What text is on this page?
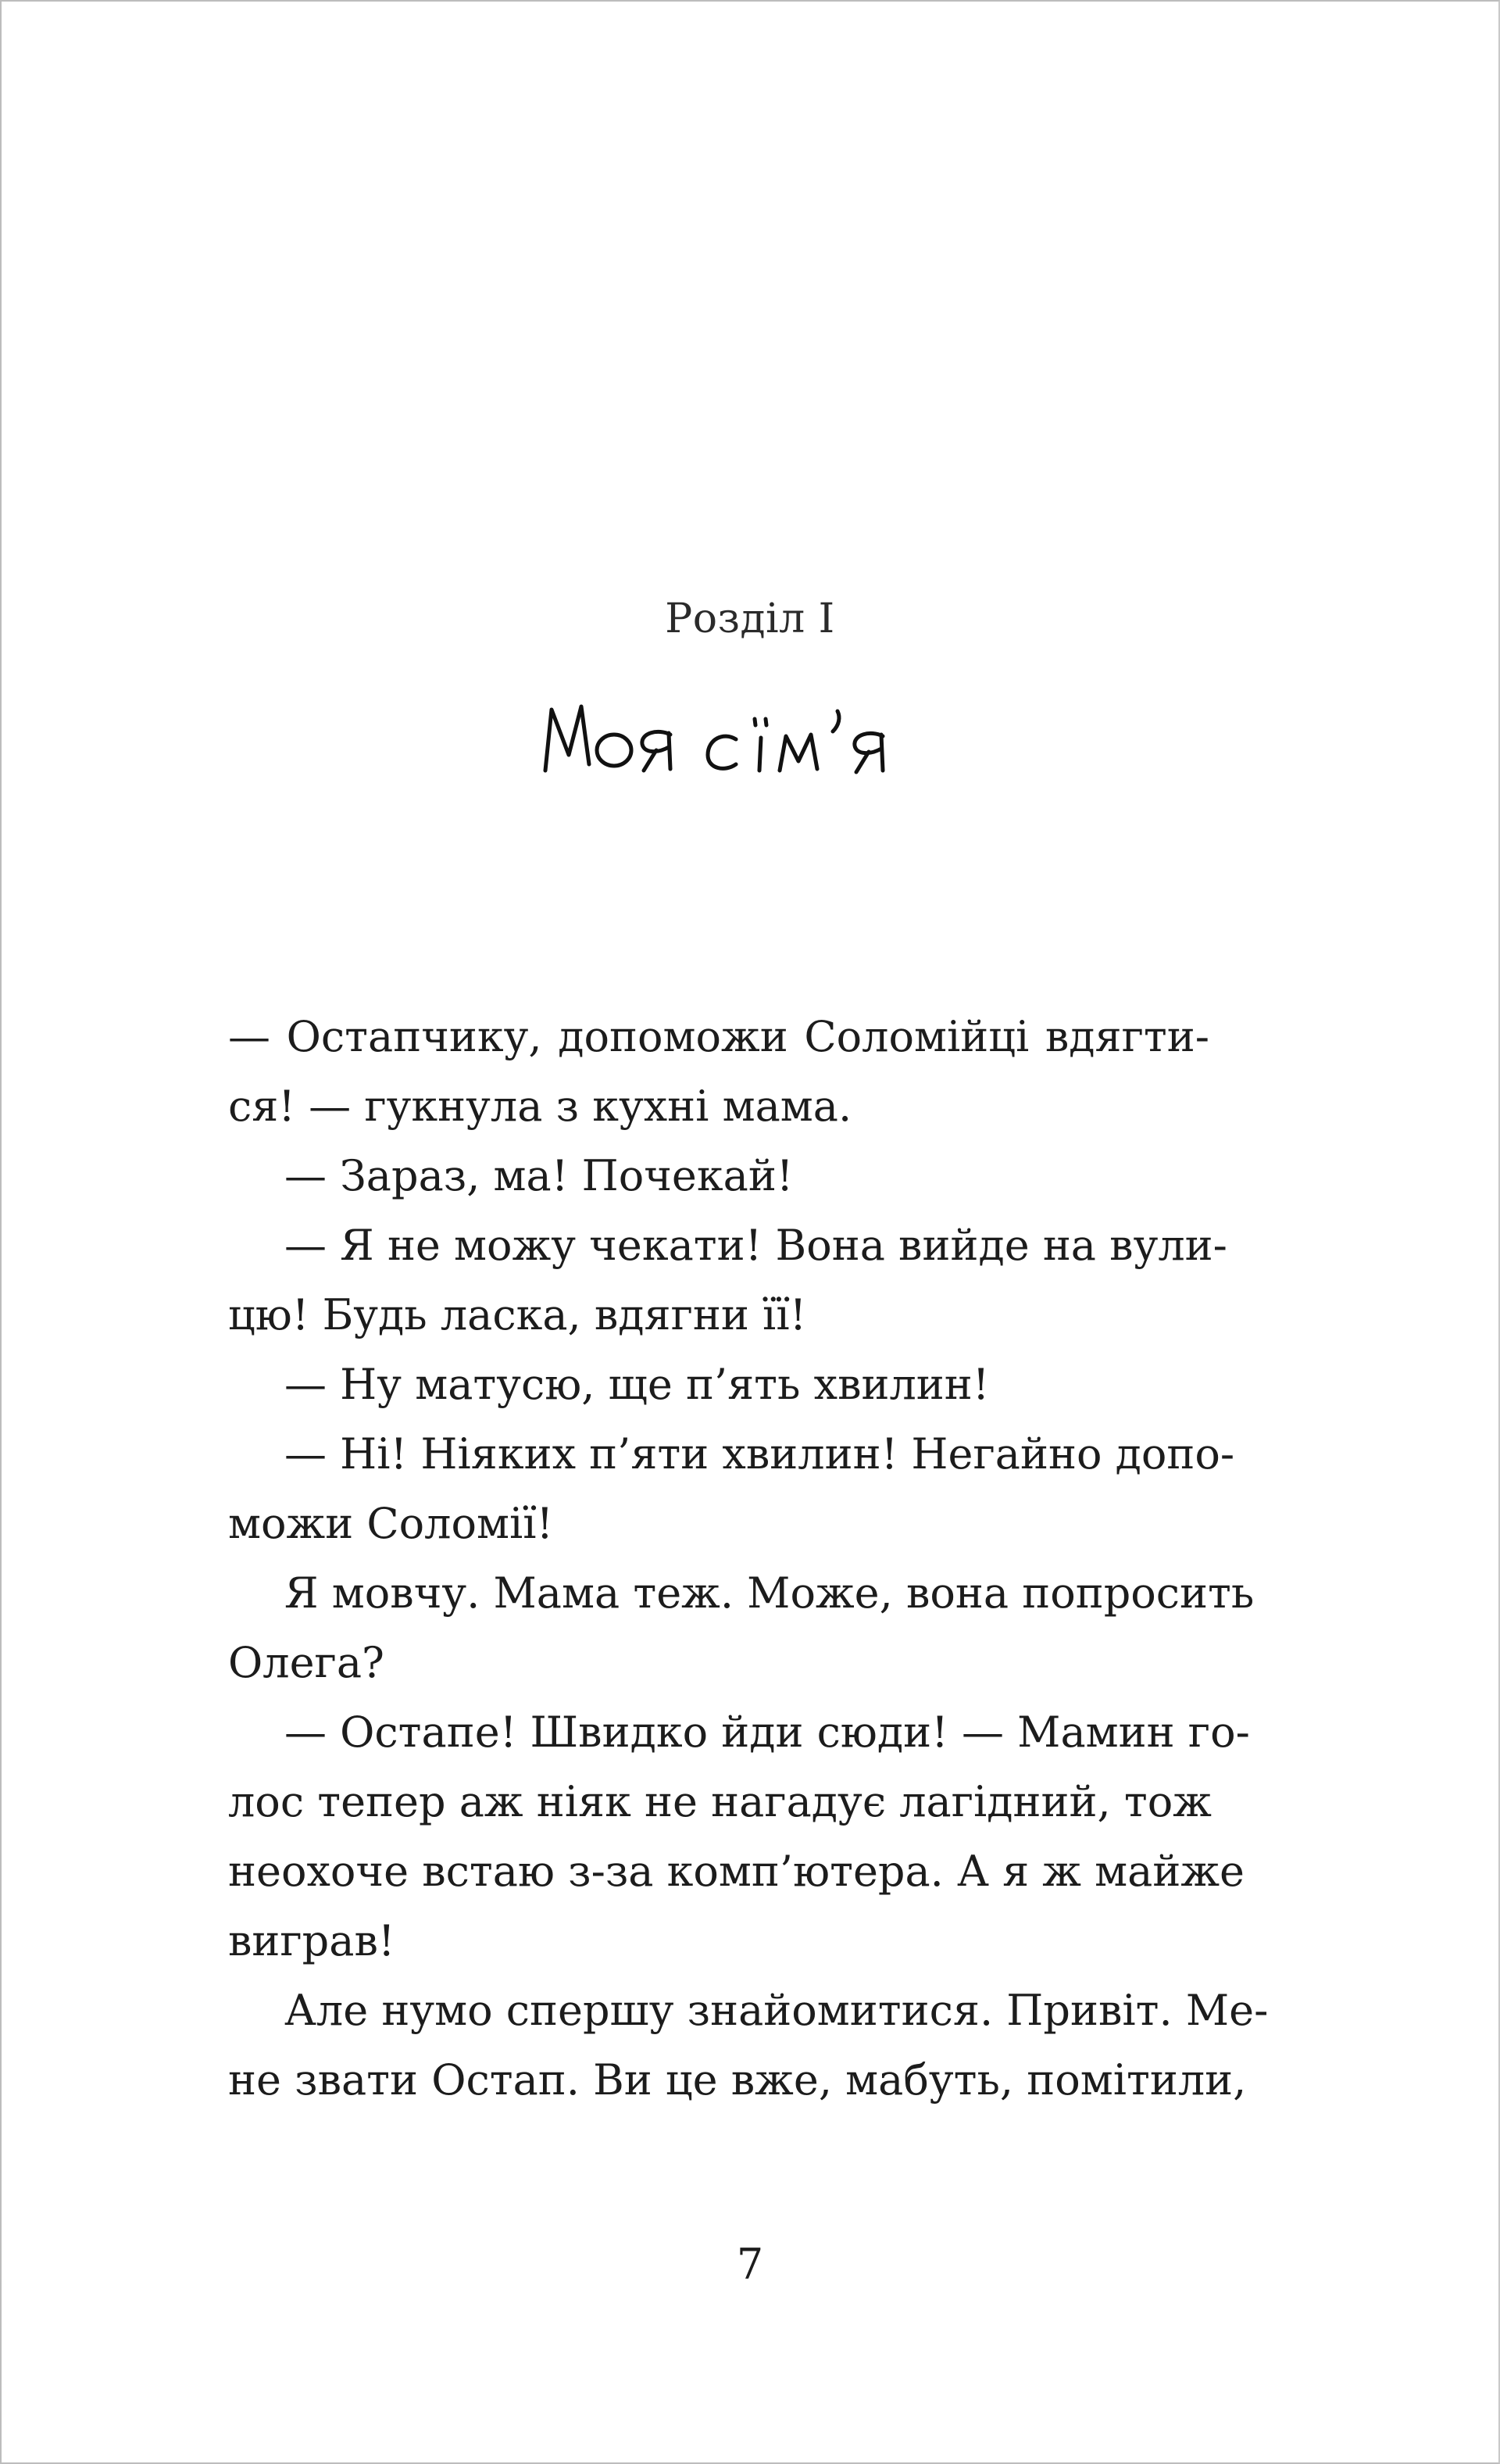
Розділ І
— Остапчику, допоможи Соломійці вдягти-
ся! — гукнула з кухні мама.
— Зараз, ма! Почекай!
— Я не можу чекати! Вона вийде на вули-
цю! Будь ласка, вдягни її!
— Ну матусю, ще п’ять хвилин!
— Ні! Ніяких п’яти хвилин! Негайно допо-
можи Соломії!
Я мовчу. Мама теж. Може, вона попросить
Олега?
— Остапе! Швидко йди сюди! — Мамин го-
лос тепер аж ніяк не нагадує лагідний, тож
неохоче встаю з-за комп’ютера. А я ж майже
виграв!
Але нумо спершу знайомитися. Привіт. Ме-
не звати Остап. Ви це вже, мабуть, помітили,
7
